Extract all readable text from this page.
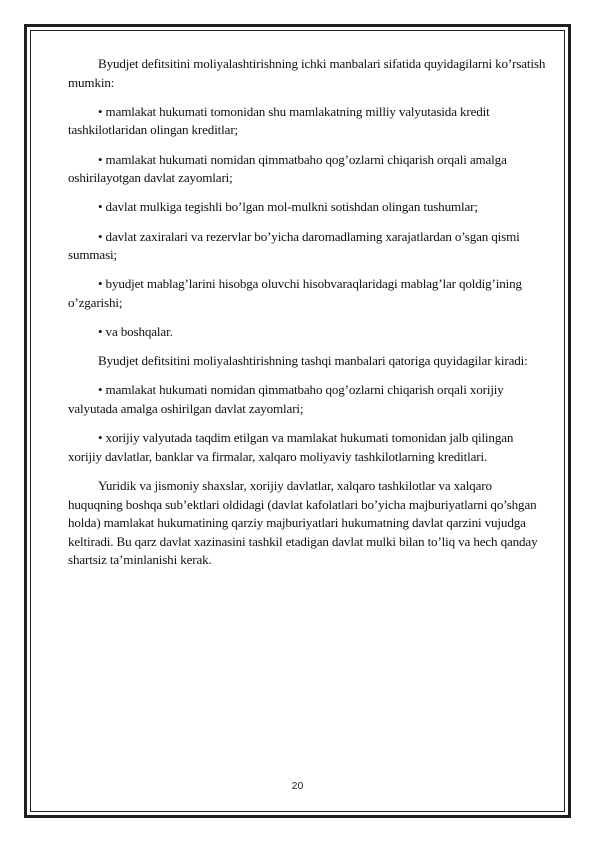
Byudjet defitsitini moliyalashtirishning ichki manbalari sifatida quyidagilarni ko’rsatish mumkin:

• mamlakat hukumati tomonidan shu mamlakatning milliy valyutasida kredit tashkilotlaridan olingan kreditlar;

• mamlakat hukumati nomidan qimmatbaho qog’ozlarni chiqarish orqali amalga oshirilayotgan davlat zayomlari;

• davlat mulkiga tegishli bo’lgan mol-mulkni sotishdan olingan tushumlar;

• davlat zaxiralari va rezervlar bo’yicha daromadlaming xarajatlardan o’sgan qismi summasi;

• byudjet mablag’larini hisobga oluvchi hisobvaraqlaridagi mablag’lar qoldig’ining o’zgarishi;

• va boshqalar.

Byudjet defitsitini moliyalashtirishning tashqi manbalari qatoriga quyidagilar kiradi:

• mamlakat hukumati nomidan qimmatbaho qog’ozlarni chiqarish orqali xorijiy valyutada amalga oshirilgan davlat zayomlari;

• xorijiy valyutada taqdim etilgan va mamlakat hukumati tomonidan jalb qilingan xorijiy davlatlar, banklar va firmalar, xalqaro moliyaviy tashkilotlarning kreditlari.

Yuridik va jismoniy shaxslar, xorijiy davlatlar, xalqaro tashkilotlar va xalqaro huquqning boshqa sub’ektlari oldidagi (davlat kafolatlari bo’yicha majburiyatlarni qo’shgan holda) mamlakat hukumatining qarziy majburiyatlari hukumatning davlat qarzini vujudga keltiradi. Bu qarz davlat xazinasini tashkil etadigan davlat mulki bilan to’liq va hech qanday shartsiz ta’minlanishi kerak.

20
